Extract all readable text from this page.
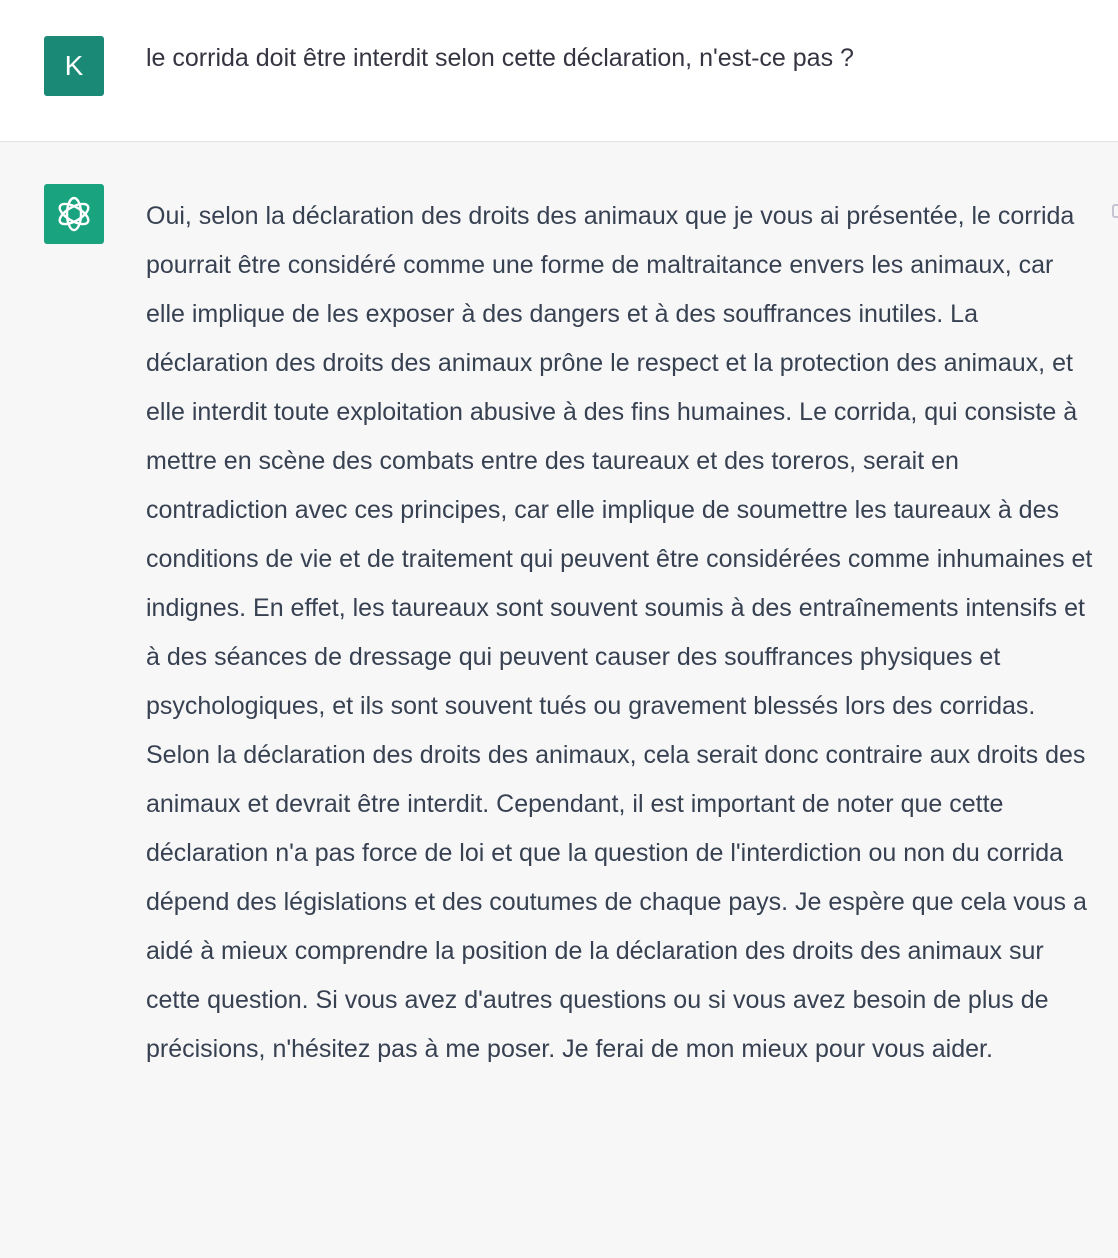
K	le corrida doit être interdit selon cette déclaration, n'est-ce pas ?

Oui, selon la déclaration des droits des animaux que je vous ai présentée, le corrida pourrait être considéré comme une forme de maltraitance envers les animaux, car elle implique de les exposer à des dangers et à des souffrances inutiles. La déclaration des droits des animaux prône le respect et la protection des animaux, et elle interdit toute exploitation abusive à des fins humaines. Le corrida, qui consiste à mettre en scène des combats entre des taureaux et des toreros, serait en contradiction avec ces principes, car elle implique de soumettre les taureaux à des conditions de vie et de traitement qui peuvent être considérées comme inhumaines et indignes. En effet, les taureaux sont souvent soumis à des entraînements intensifs et à des séances de dressage qui peuvent causer des souffrances physiques et psychologiques, et ils sont souvent tués ou gravement blessés lors des corridas. Selon la déclaration des droits des animaux, cela serait donc contraire aux droits des animaux et devrait être interdit. Cependant, il est important de noter que cette déclaration n'a pas force de loi et que la question de l'interdiction ou non du corrida dépend des législations et des coutumes de chaque pays. Je espère que cela vous a aidé à mieux comprendre la position de la déclaration des droits des animaux sur cette question. Si vous avez d'autres questions ou si vous avez besoin de plus de précisions, n'hésitez pas à me poser. Je ferai de mon mieux pour vous aider.
